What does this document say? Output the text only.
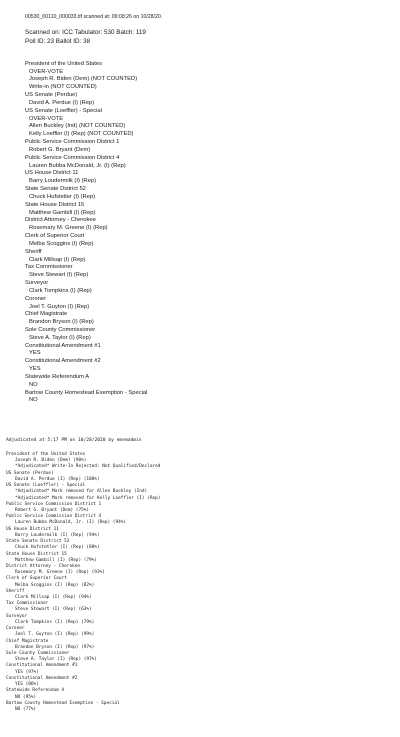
00530_00110_000033.tif scanned at: 09:08:26 on 10/28/20.
Scanned on: ICC Tabulator: 530 Batch: 119
Poll ID: 23 Ballot ID: 38
President of the United States
OVER-VOTE
Joseph R. Biden (Dem) (NOT COUNTED)
Write-in (NOT COUNTED)
US Senate (Perdue)
David A. Perdue (I) (Rep)
US Senate (Loeffler) - Special
OVER-VOTE
Allen Buckley (Ind) (NOT COUNTED)
Kelly Loeffler (I) (Rep) (NOT COUNTED)
Public Service Commission District 1
Robert G. Bryant (Dem)
Public Service Commission District 4
Lauren Bubba McDonald, Jr. (I) (Rep)
US House District 11
Barry Loudermilk (I) (Rep)
State Senate District 52
Chuck Hufstetler (I) (Rep)
State House District 15
Matthew Gambill (I) (Rep)
District Attorney - Cherokee
Rosemary M. Greene (I) (Rep)
Clerk of Superior Court
Melba Scoggins (I) (Rep)
Sheriff
Clark Millsap (I) (Rep)
Tax Commissioner
Steve Stewart (I) (Rep)
Surveyor
Clark Tompkins (I) (Rep)
Coroner
Joel T. Guyton (I) (Rep)
Chief Magistrate
Brandon Bryson (I) (Rep)
Sole County Commissioner
Steve A. Taylor (I) (Rep)
Constitutional Amendment #1
YES
Constitutional Amendment #2
YES
Statewide Referendum A
NO
Bartow County Homestead Exemption - Special
NO
Adjudicated at 5:17 PM on 10/28/2020 by ememadmin
President of the United States
Joseph R. Biden (Dem) (90%)
*Adjudicated* Write-In Rejected: Not Qualified/Declared
US Senate (Perdue)
David A. Perdue (I) (Rep) (100%)
US Senate (Loeffler) - Special
*Adjudicated* Mark removed for Allen Buckley (Ind)
*Adjudicated* Mark removed for Kelly Loeffler (I) (Rep)
Public Service Commission District 1
Robert G. Bryant (Dem) (75%)
Public Service Commission District 4
Lauren Bubba McDonald, Jr. (I) (Rep) (94%)
US House District 11
Barry Loudermilk (I) (Rep) (94%)
State Senate District 52
Chuck Hufstetler (I) (Rep) (88%)
State House District 15
Matthew Gambill (I) (Rep) (79%)
District Attorney - Cherokee
Rosemary M. Greene (I) (Rep) (93%)
Clerk of Superior Court
Melba Scoggins (I) (Rep) (82%)
Sheriff
Clark Millsap (I) (Rep) (94%)
Tax Commissioner
Steve Stewart (I) (Rep) (63%)
Surveyor
Clark Tompkins (I) (Rep) (79%)
Coroner
Joel T. Guyton (I) (Rep) (99%)
Chief Magistrate
Brandon Bryson (I) (Rep) (97%)
Sole County Commissioner
Steve A. Taylor (I) (Rep) (97%)
Constitutional Amendment #1
YES (97%)
Constitutional Amendment #2
YES (86%)
Statewide Referendum A
NO (95%)
Bartow County Homestead Exemption - Special
NO (77%)
